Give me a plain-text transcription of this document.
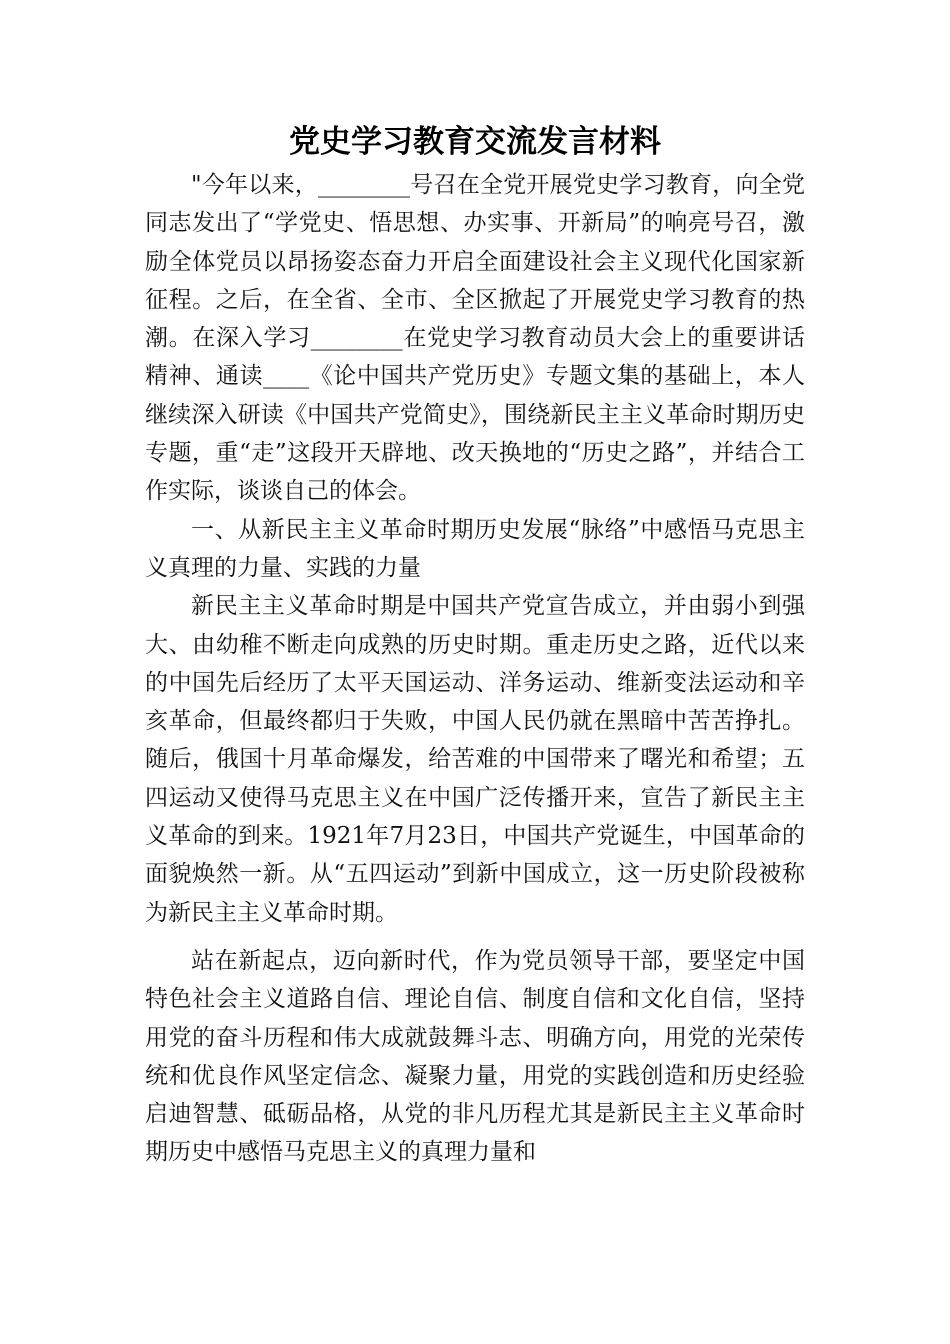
党史学习教育交流发言材料

"今年以来，________号召在全党开展党史学习教育，向全党同志发出了“学党史、悟思想、办实事、开新局”的响亮号召，激励全体党员以昂扬姿态奋力开启全面建设社会主义现代化国家新征程。之后，在全省、全市、全区掀起了开展党史学习教育的热潮。在深入学习________在党史学习教育动员大会上的重要讲话精神、通读____《论中国共产党历史》专题文集的基础上，本人继续深入研读《中国共产党简史》，围绕新民主主义革命时期历史专题，重“走”这段开天辟地、改天换地的“历史之路”，并结合工作实际，谈谈自己的体会。

一、从新民主主义革命时期历史发展“脉络”中感悟马克思主义真理的力量、实践的力量

新民主主义革命时期是中国共产党宣告成立，并由弱小到强大、由幼稚不断走向成熟的历史时期。重走历史之路，近代以来的中国先后经历了太平天国运动、洋务运动、维新变法运动和辛亥革命，但最终都归于失败，中国人民仍就在黑暗中苦苦挣扎。随后，俄国十月革命爆发，给苦难的中国带来了曙光和希望；五四运动又使得马克思主义在中国广泛传播开来，宣告了新民主主义革命的到来。1921年7月23日，中国共产党诞生，中国革命的面貌焕然一新。从“五四运动”到新中国成立，这一历史阶段被称为新民主主义革命时期。

站在新起点，迈向新时代，作为党员领导干部，要坚定中国特色社会主义道路自信、理论自信、制度自信和文化自信，坚持用党的奋斗历程和伟大成就鼓舞斗志、明确方向，用党的光荣传统和优良作风坚定信念、凝聚力量，用党的实践创造和历史经验启迪智慧、砥砺品格，从党的非凡历程尤其是新民主主义革命时期历史中感悟马克思主义的真理力量和
